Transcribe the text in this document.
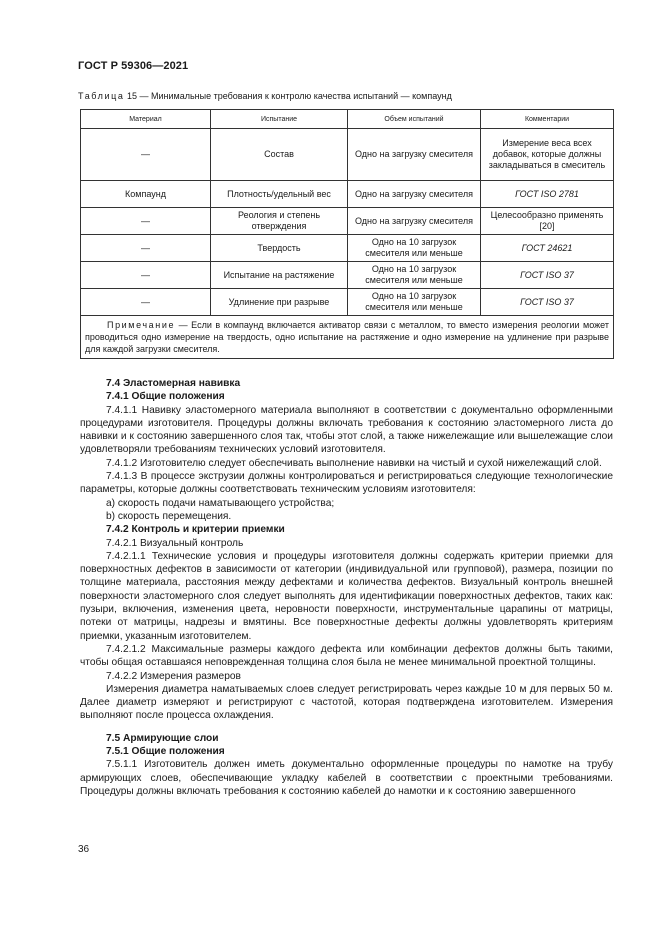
ГОСТ Р 59306—2021
Таблица 15 — Минимальные требования к контролю качества испытаний — компаунд
Материал	Испытание	Объем испытаний	Комментарии
—	Состав	Одно на загрузку смесителя	Измерение веса всех добавок, которые должны закладываться в смеситель
Компаунд	Плотность/удельный вес	Одно на загрузку смесителя	ГОСТ ISO 2781
—	Реология и степень отверждения	Одно на загрузку смесителя	Целесообразно применять [20]
—	Твердость	Одно на 10 загрузок смесителя или меньше	ГОСТ 24621
—	Испытание на растяжение	Одно на 10 загрузок смесителя или меньше	ГОСТ ISO 37
—	Удлинение при разрыве	Одно на 10 загрузок смесителя или меньше	ГОСТ ISO 37
Примечание — Если в компаунд включается активатор связи с металлом, то вместо измерения реологии может проводиться одно измерение на твердость, одно испытание на растяжение и одно измерение на удлинение при разрыве для каждой загрузки смесителя.			

7.4 Эластомерная навивка

7.4.1 Общие положения

7.4.1.1 Навивку эластомерного материала выполняют в соответствии с документально оформленными процедурами изготовителя. Процедуры должны включать требования к состоянию эластомерного листа до навивки и к состоянию завершенного слоя так, чтобы этот слой, а также нижележащие или вышележащие слои удовлетворяли требованиям технических условий изготовителя.

7.4.1.2 Изготовителю следует обеспечивать выполнение навивки на чистый и сухой нижележащий слой.

7.4.1.3 В процессе экструзии должны контролироваться и регистрироваться следующие технологические параметры, которые должны соответствовать техническим условиям изготовителя:

а) скорость подачи наматывающего устройства;

b) скорость перемещения.

7.4.2 Контроль и критерии приемки

7.4.2.1 Визуальный контроль

7.4.2.1.1 Технические условия и процедуры изготовителя должны содержать критерии приемки для поверхностных дефектов в зависимости от категории (индивидуальной или групповой), размера, позиции по толщине материала, расстояния между дефектами и количества дефектов. Визуальный контроль внешней поверхности эластомерного слоя следует выполнять для идентификации поверхностных дефектов, таких как: пузыри, включения, изменения цвета, неровности поверхности, инструментальные царапины от матрицы, потеки от матрицы, надрезы и вмятины. Все поверхностные дефекты должны удовлетворять критериям приемки, указанным изготовителем.

7.4.2.1.2 Максимальные размеры каждого дефекта или комбинации дефектов должны быть такими, чтобы общая оставшаяся неповрежденная толщина слоя была не менее минимальной проектной толщины.

7.4.2.2 Измерения размеров

Измерения диаметра наматываемых слоев следует регистрировать через каждые 10 м для первых 50 м. Далее диаметр измеряют и регистрируют с частотой, которая подтверждена изготовителем. Измерения выполняют после процесса охлаждения.

7.5 Армирующие слои

7.5.1 Общие положения

7.5.1.1 Изготовитель должен иметь документально оформленные процедуры по намотке на трубу армирующих слоев, обеспечивающие укладку кабелей в соответствии с проектными требованиями. Процедуры должны включать требования к состоянию кабелей до намотки и к состоянию завершенного

36
